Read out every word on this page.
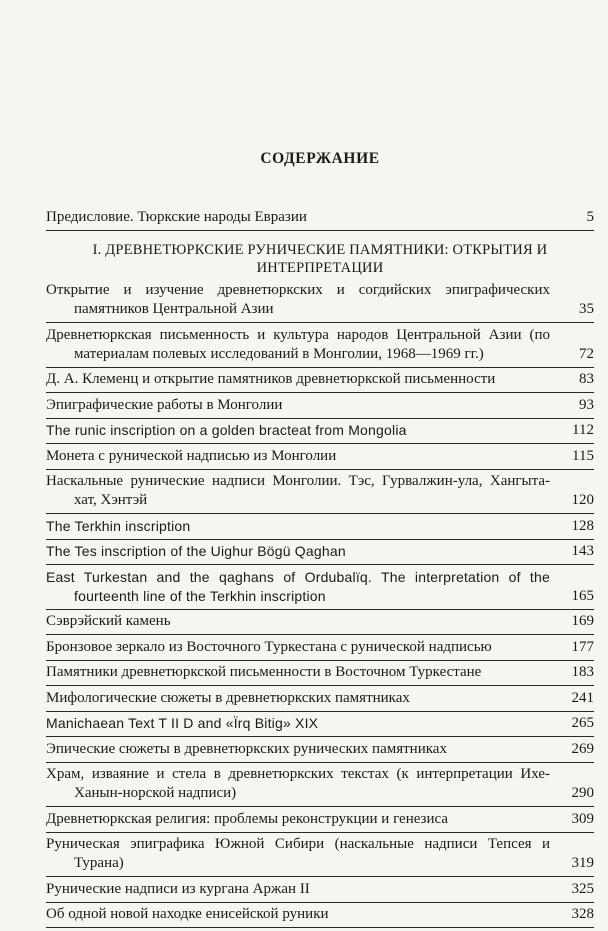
СОДЕРЖАНИЕ
Предисловие. Тюркские народы Евразии	5
I. ДРЕВНЕТЮРКСКИЕ РУНИЧЕСКИЕ ПАМЯТНИКИ: ОТКРЫТИЯ И ИНТЕРПРЕТАЦИИ
Открытие и изучение древнетюркских и согдийских эпиграфических памятников Центральной Азии	35
Древнетюркская письменность и культура народов Центральной Азии (по материалам полевых исследований в Монголии, 1968—1969 гг.)	72
Д. А. Клеменц и открытие памятников древнетюркской письменности	83
Эпиграфические работы в Монголии	93
The runic inscription on a golden bracteat from Mongolia	112
Монета с рунической надписью из Монголии	115
Наскальные рунические надписи Монголии. Тэс, Гурвалжин-ула, Хангыта-хат, Хэнтэй	120
The Terkhin inscription	128
The Tes inscription of the Uighur Bögü Qaghan	143
East Turkestan and the qaghans of Ordubalïq. The interpretation of the fourteenth line of the Terkhin inscription	165
Сэврэйский камень	169
Бронзовое зеркало из Восточного Туркестана с рунической надписью	177
Памятники древнетюркской письменности в Восточном Туркестане	183
Мифологические сюжеты в древнетюркских памятниках	241
Manichaean Text T II D and «Ïrq Bitig» XIX	265
Эпические сюжеты в древнетюркских рунических памятниках	269
Храм, изваяние и стела в древнетюркских текстах (к интерпретации Ихе-Ханын-норской надписи)	290
Древнетюркская религия: проблемы реконструкции и генезиса	309
Руническая эпиграфика Южной Сибири (наскальные надписи Тепсея и Турана)	319
Рунические надписи из кургана Аржан II	325
Об одной новой находке енисейской руники	328
